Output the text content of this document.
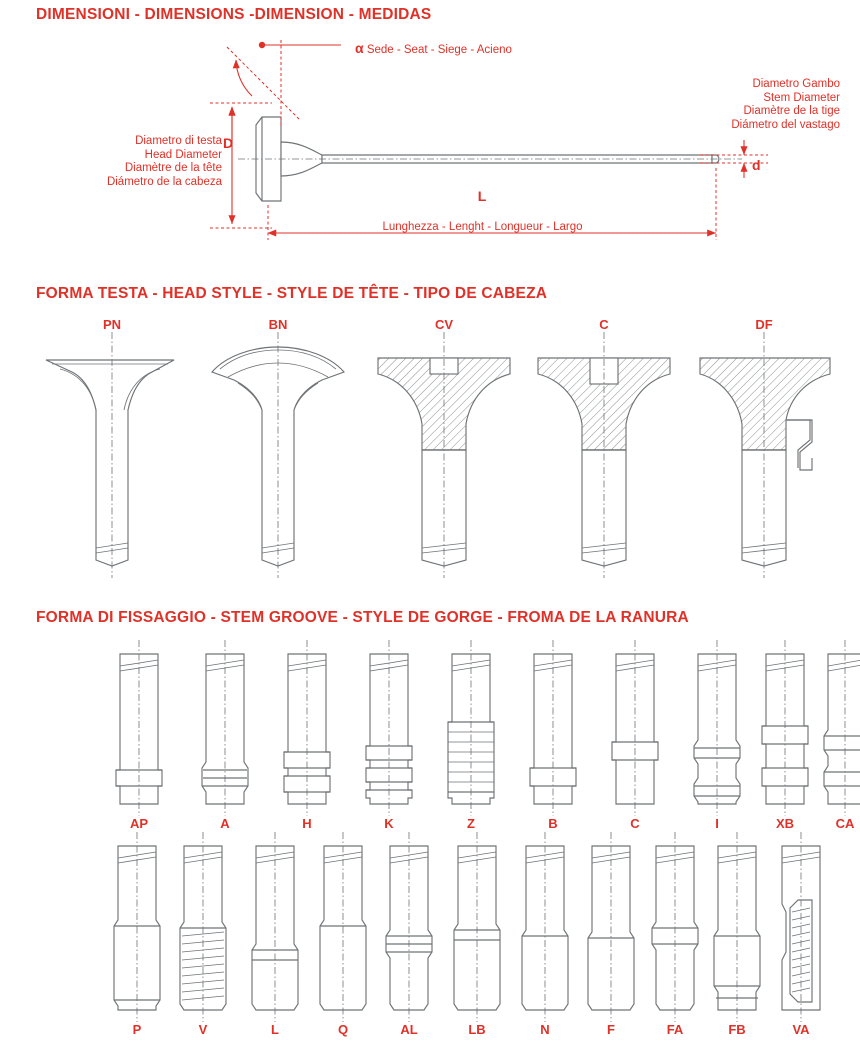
DIMENSIONI - DIMENSIONS -DIMENSION - MEDIDAS
FORMA TESTA - HEAD STYLE - STYLE DE TÊTE - TIPO DE CABEZA
FORMA DI FISSAGGIO - STEM GROOVE - STYLE DE GORGE - FROMA DE LA RANURA
α Sede - Seat - Siege - Acieno
Diametro di testa
Head Diameter
Diamètre de la tête
Diámetro de la cabeza
D
Diametro Gambo
Stem Diameter
Diamètre de la tige
Diámetro del vastago
d
L
Lunghezza - Lenght - Longueur - Largo
PN	BN	CV	C	DF
AP	A	H	K	Z	B	C	I	XB	CA
P	V	L	Q	AL	LB	N	F	FA	FB	VA
